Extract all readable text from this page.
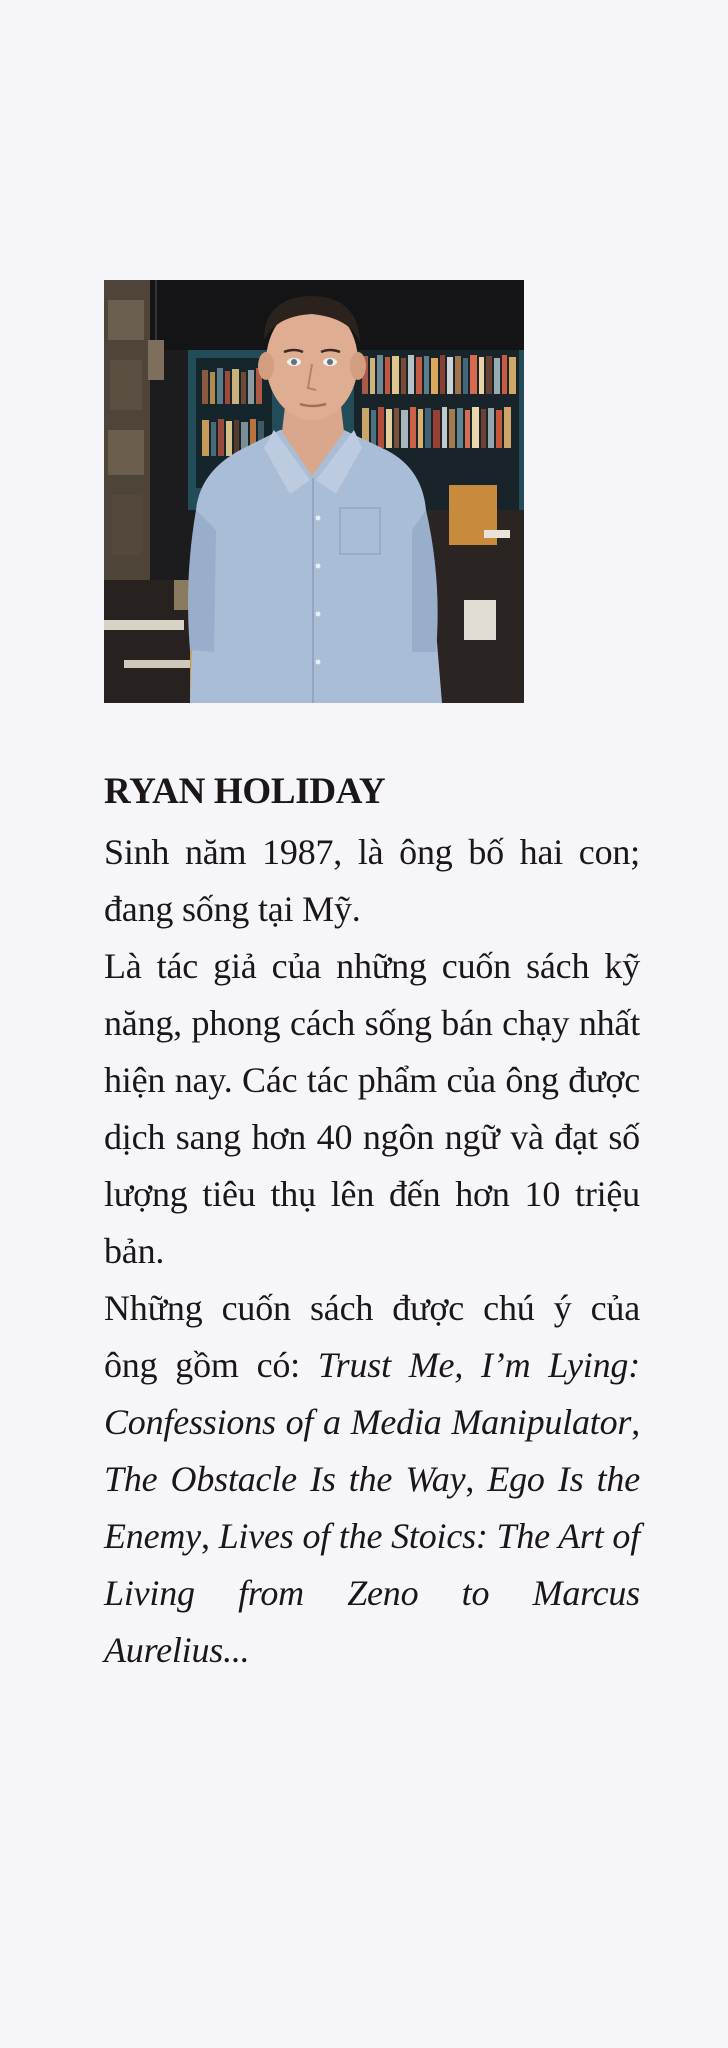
RYAN HOLIDAY

Sinh năm 1987, là ông bố hai con; đang sống tại Mỹ.

Là tác giả của những cuốn sách kỹ năng, phong cách sống bán chạy nhất hiện nay. Các tác phẩm của ông được dịch sang hơn 40 ngôn ngữ và đạt số lượng tiêu thụ lên đến hơn 10 triệu bản.

Những cuốn sách được chú ý của ông gồm có: Trust Me, I’m Lying: Confessions of a Media Manipulator, The Obstacle Is the Way, Ego Is the Enemy, Lives of the Stoics: The Art of Living from Zeno to Marcus Aurelius...
